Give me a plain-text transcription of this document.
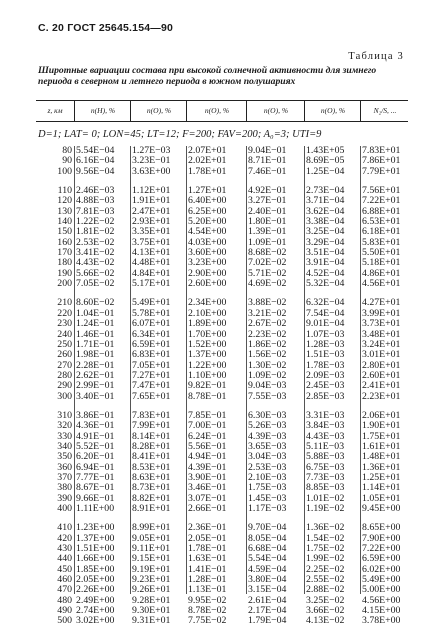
С. 20 ГОСТ 25645.154—90
Таблица 3
Широтные вариации состава при высокой солнечной активности для зимнего периода в северном и летнего периода в южном полушариях
z, км	n(H), %	n(O), %	n(O), %	n(O), %	n(O), %	N₂/S, ...
D=1; LAT= 0; LON=45; LT=12; F=200; FAV=200; A₀=3; UTI=9
80 5.54E−04 1.27E−03 2.07E+01 9.04E−01 1.43E+05 7.83E+01
90 6.16E−04 3.23E−01 2.02E+01 8.71E−01 8.69E−05 7.86E+01
100 9.56E−04 3.63E+00 1.78E+01 7.46E−01 1.25E−04 7.79E+01
110 2.46E−03 1.12E+01 1.27E+01 4.92E−01 2.73E−04 7.56E+01
120 4.88E−03 1.91E+01 6.40E+00 3.27E−01 3.71E−04 7.22E+01
130 7.81E−03 2.47E+01 6.25E+00 2.40E−01 3.62E−04 6.88E+01
140 1.22E−02 2.93E+01 5.20E+00 1.80E−01 3.38E−04 6.53E+01
150 1.81E−02 3.35E+01 4.54E+00 1.39E−01 3.25E−04 6.18E+01
160 2.53E−02 3.75E+01 4.03E+00 1.09E−01 3.29E−04 5.83E+01
170 3.41E−02 4.13E+01 3.60E+00 8.68E−02 3.51E−04 5.50E+01
180 4.43E−02 4.48E+01 3.23E+00 7.02E−02 3.91E−04 5.18E+01
190 5.66E−02 4.84E+01 2.90E+00 5.71E−02 4.52E−04 4.86E+01
200 7.05E−02 5.17E+01 2.60E+00 4.69E−02 5.32E−04 4.56E+01
210 8.60E−02 5.49E+01 2.34E+00 3.88E−02 6.32E−04 4.27E+01
220 1.04E−01 5.78E+01 2.10E+00 3.21E−02 7.54E−04 3.99E+01
230 1.24E−01 6.07E+01 1.89E+00 2.67E−02 9.01E−04 3.73E+01
240 1.46E−01 6.34E+01 1.70E+00 2.23E−02 1.07E−03 3.48E+01
250 1.71E−01 6.59E+01 1.52E+00 1.86E−02 1.28E−03 3.24E+01
260 1.98E−01 6.83E+01 1.37E+00 1.56E−02 1.51E−03 3.01E+01
270 2.28E−01 7.05E+01 1.22E+00 1.30E−02 1.78E−03 2.80E+01
280 2.62E−01 7.27E+01 1.10E+00 1.09E−02 2.09E−03 2.60E+01
290 2.99E−01 7.47E+01 9.82E−01 9.04E−03 2.45E−03 2.41E+01
300 3.40E−01 7.65E+01 8.78E−01 7.55E−03 2.85E−03 2.23E+01
310 3.86E−01 7.83E+01 7.85E−01 6.30E−03 3.31E−03 2.06E+01
320 4.36E−01 7.99E+01 7.00E−01 5.26E−03 3.84E−03 1.90E+01
330 4.91E−01 8.14E+01 6.24E−01 4.39E−03 4.43E−03 1.75E+01
340 5.52E−01 8.28E+01 5.56E−01 3.65E−03 5.11E−03 1.61E+01
350 6.20E−01 8.41E+01 4.94E−01 3.04E−03 5.88E−03 1.48E+01
360 6.94E−01 8.53E+01 4.39E−01 2.53E−03 6.75E−03 1.36E+01
370 7.77E−01 8.63E+01 3.90E−01 2.10E−03 7.73E−03 1.25E+01
380 8.67E−01 8.73E+01 3.46E−01 1.75E−03 8.85E−03 1.14E+01
390 9.66E−01 8.82E+01 3.07E−01 1.45E−03 1.01E−02 1.05E+01
400 1.11E+00 8.91E+01 2.66E−01 1.17E−03 1.19E−02 9.45E+00
410 1.23E+00 8.99E+01 2.36E−01 9.70E−04 1.36E−02 8.65E+00
420 1.37E+00 9.05E+01 2.05E−01 8.05E−04 1.54E−02 7.90E+00
430 1.51E+00 9.11E+01 1.78E−01 6.68E−04 1.75E−02 7.22E+00
440 1.66E+00 9.15E+01 1.63E−01 5.54E−04 1.99E−02 6.59E+00
450 1.85E+00 9.19E+01 1.41E−01 4.59E−04 2.25E−02 6.02E+00
460 2.05E+00 9.23E+01 1.28E−01 3.80E−04 2.55E−02 5.49E+00
470 2.26E+00 9.26E+01 1.13E−01 3.15E−04 2.88E−02 5.00E+00
480 2.49E+00 9.28E+01 9.95E−02 2.61E−04 3.25E−02 4.56E+00
490 2.74E+00 9.30E+01 8.78E−02 2.17E−04 3.66E−02 4.15E+00
500 3.02E+00 9.31E+01 7.75E−02 1.79E−04 4.13E−02 3.78E+00
